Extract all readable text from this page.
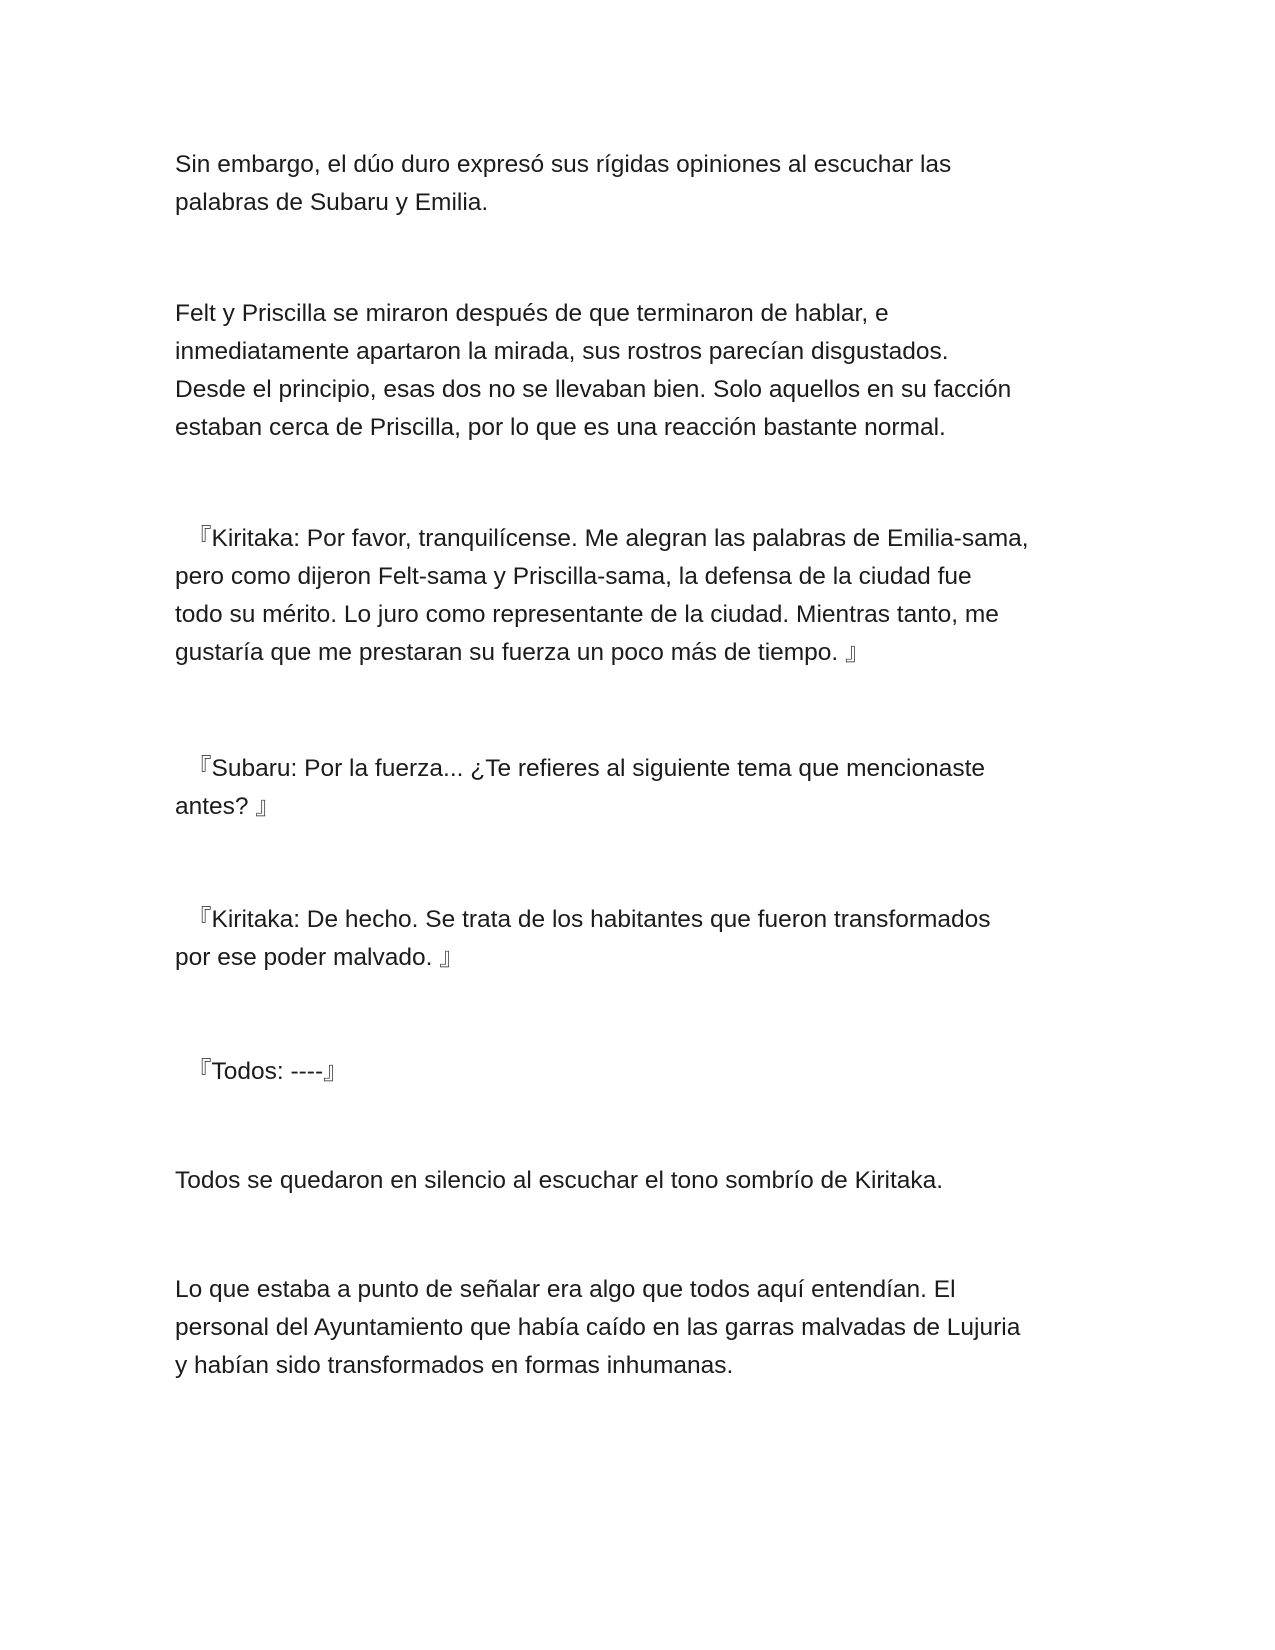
Sin embargo, el dúo duro expresó sus rígidas opiniones al escuchar las
palabras de Subaru y Emilia.

Felt y Priscilla se miraron después de que terminaron de hablar, e
inmediatamente apartaron la mirada, sus rostros parecían disgustados.
Desde el principio, esas dos no se llevaban bien. Solo aquellos en su facción
estaban cerca de Priscilla, por lo que es una reacción bastante normal.

『Kiritaka: Por favor, tranquilícense. Me alegran las palabras de Emilia-sama,
pero como dijeron Felt-sama y Priscilla-sama, la defensa de la ciudad fue
todo su mérito. Lo juro como representante de la ciudad. Mientras tanto, me
gustaría que me prestaran su fuerza un poco más de tiempo. 』

『Subaru: Por la fuerza... ¿Te refieres al siguiente tema que mencionaste
antes? 』

『Kiritaka: De hecho. Se trata de los habitantes que fueron transformados
por ese poder malvado. 』

『Todos: ----』

Todos se quedaron en silencio al escuchar el tono sombrío de Kiritaka.

Lo que estaba a punto de señalar era algo que todos aquí entendían. El
personal del Ayuntamiento que había caído en las garras malvadas de Lujuria
y habían sido transformados en formas inhumanas.
